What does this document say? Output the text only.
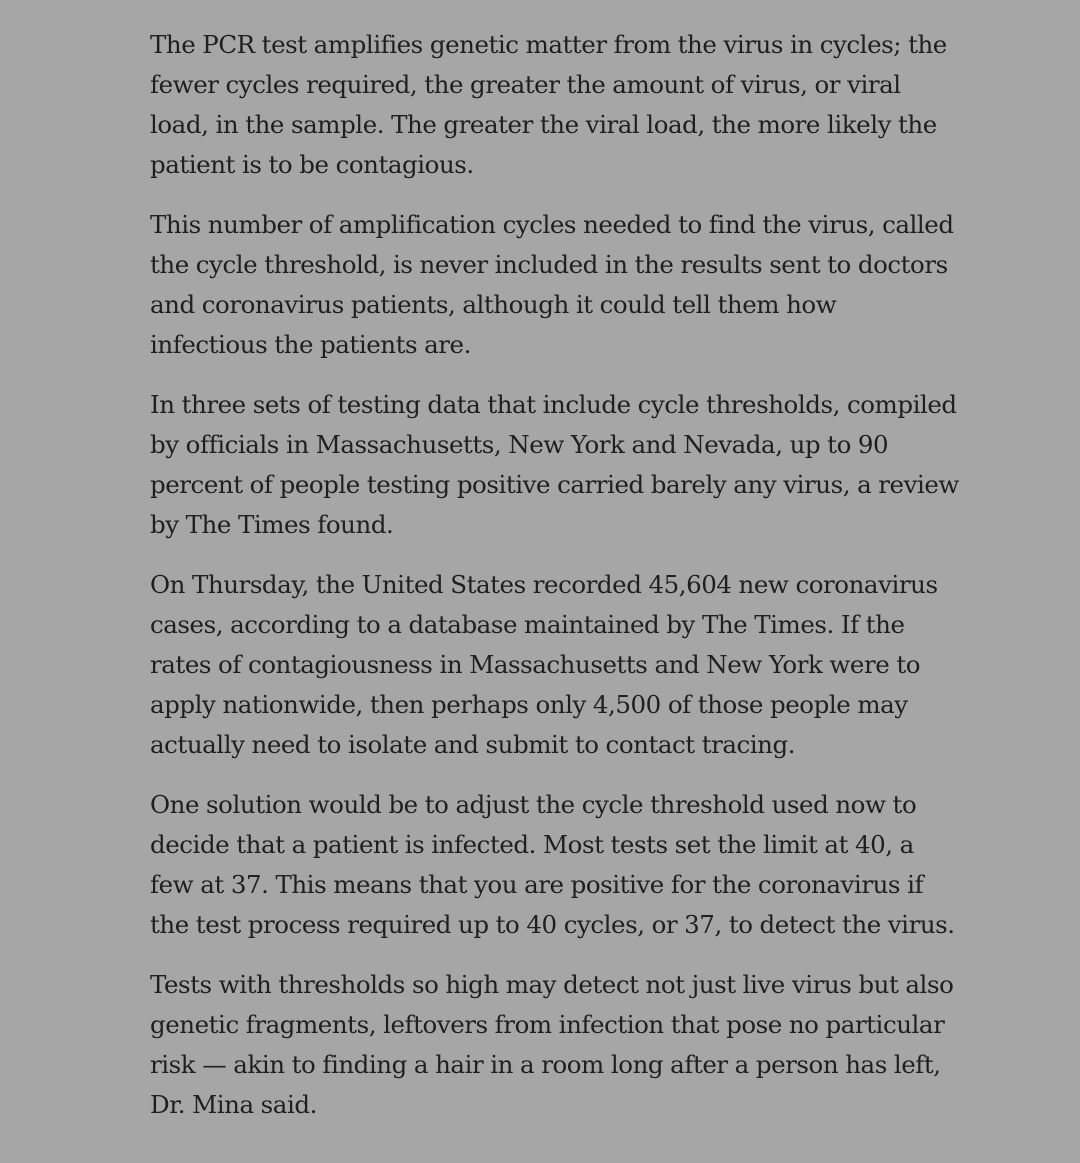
The PCR test amplifies genetic matter from the virus in cycles; the fewer cycles required, the greater the amount of virus, or viral load, in the sample. The greater the viral load, the more likely the patient is to be contagious.

This number of amplification cycles needed to find the virus, called the cycle threshold, is never included in the results sent to doctors and coronavirus patients, although it could tell them how infectious the patients are.

In three sets of testing data that include cycle thresholds, compiled by officials in Massachusetts, New York and Nevada, up to 90 percent of people testing positive carried barely any virus, a review by The Times found.

On Thursday, the United States recorded 45,604 new coronavirus cases, according to a database maintained by The Times. If the rates of contagiousness in Massachusetts and New York were to apply nationwide, then perhaps only 4,500 of those people may actually need to isolate and submit to contact tracing.

One solution would be to adjust the cycle threshold used now to decide that a patient is infected. Most tests set the limit at 40, a few at 37. This means that you are positive for the coronavirus if the test process required up to 40 cycles, or 37, to detect the virus.

Tests with thresholds so high may detect not just live virus but also genetic fragments, leftovers from infection that pose no particular risk — akin to finding a hair in a room long after a person has left, Dr. Mina said.
